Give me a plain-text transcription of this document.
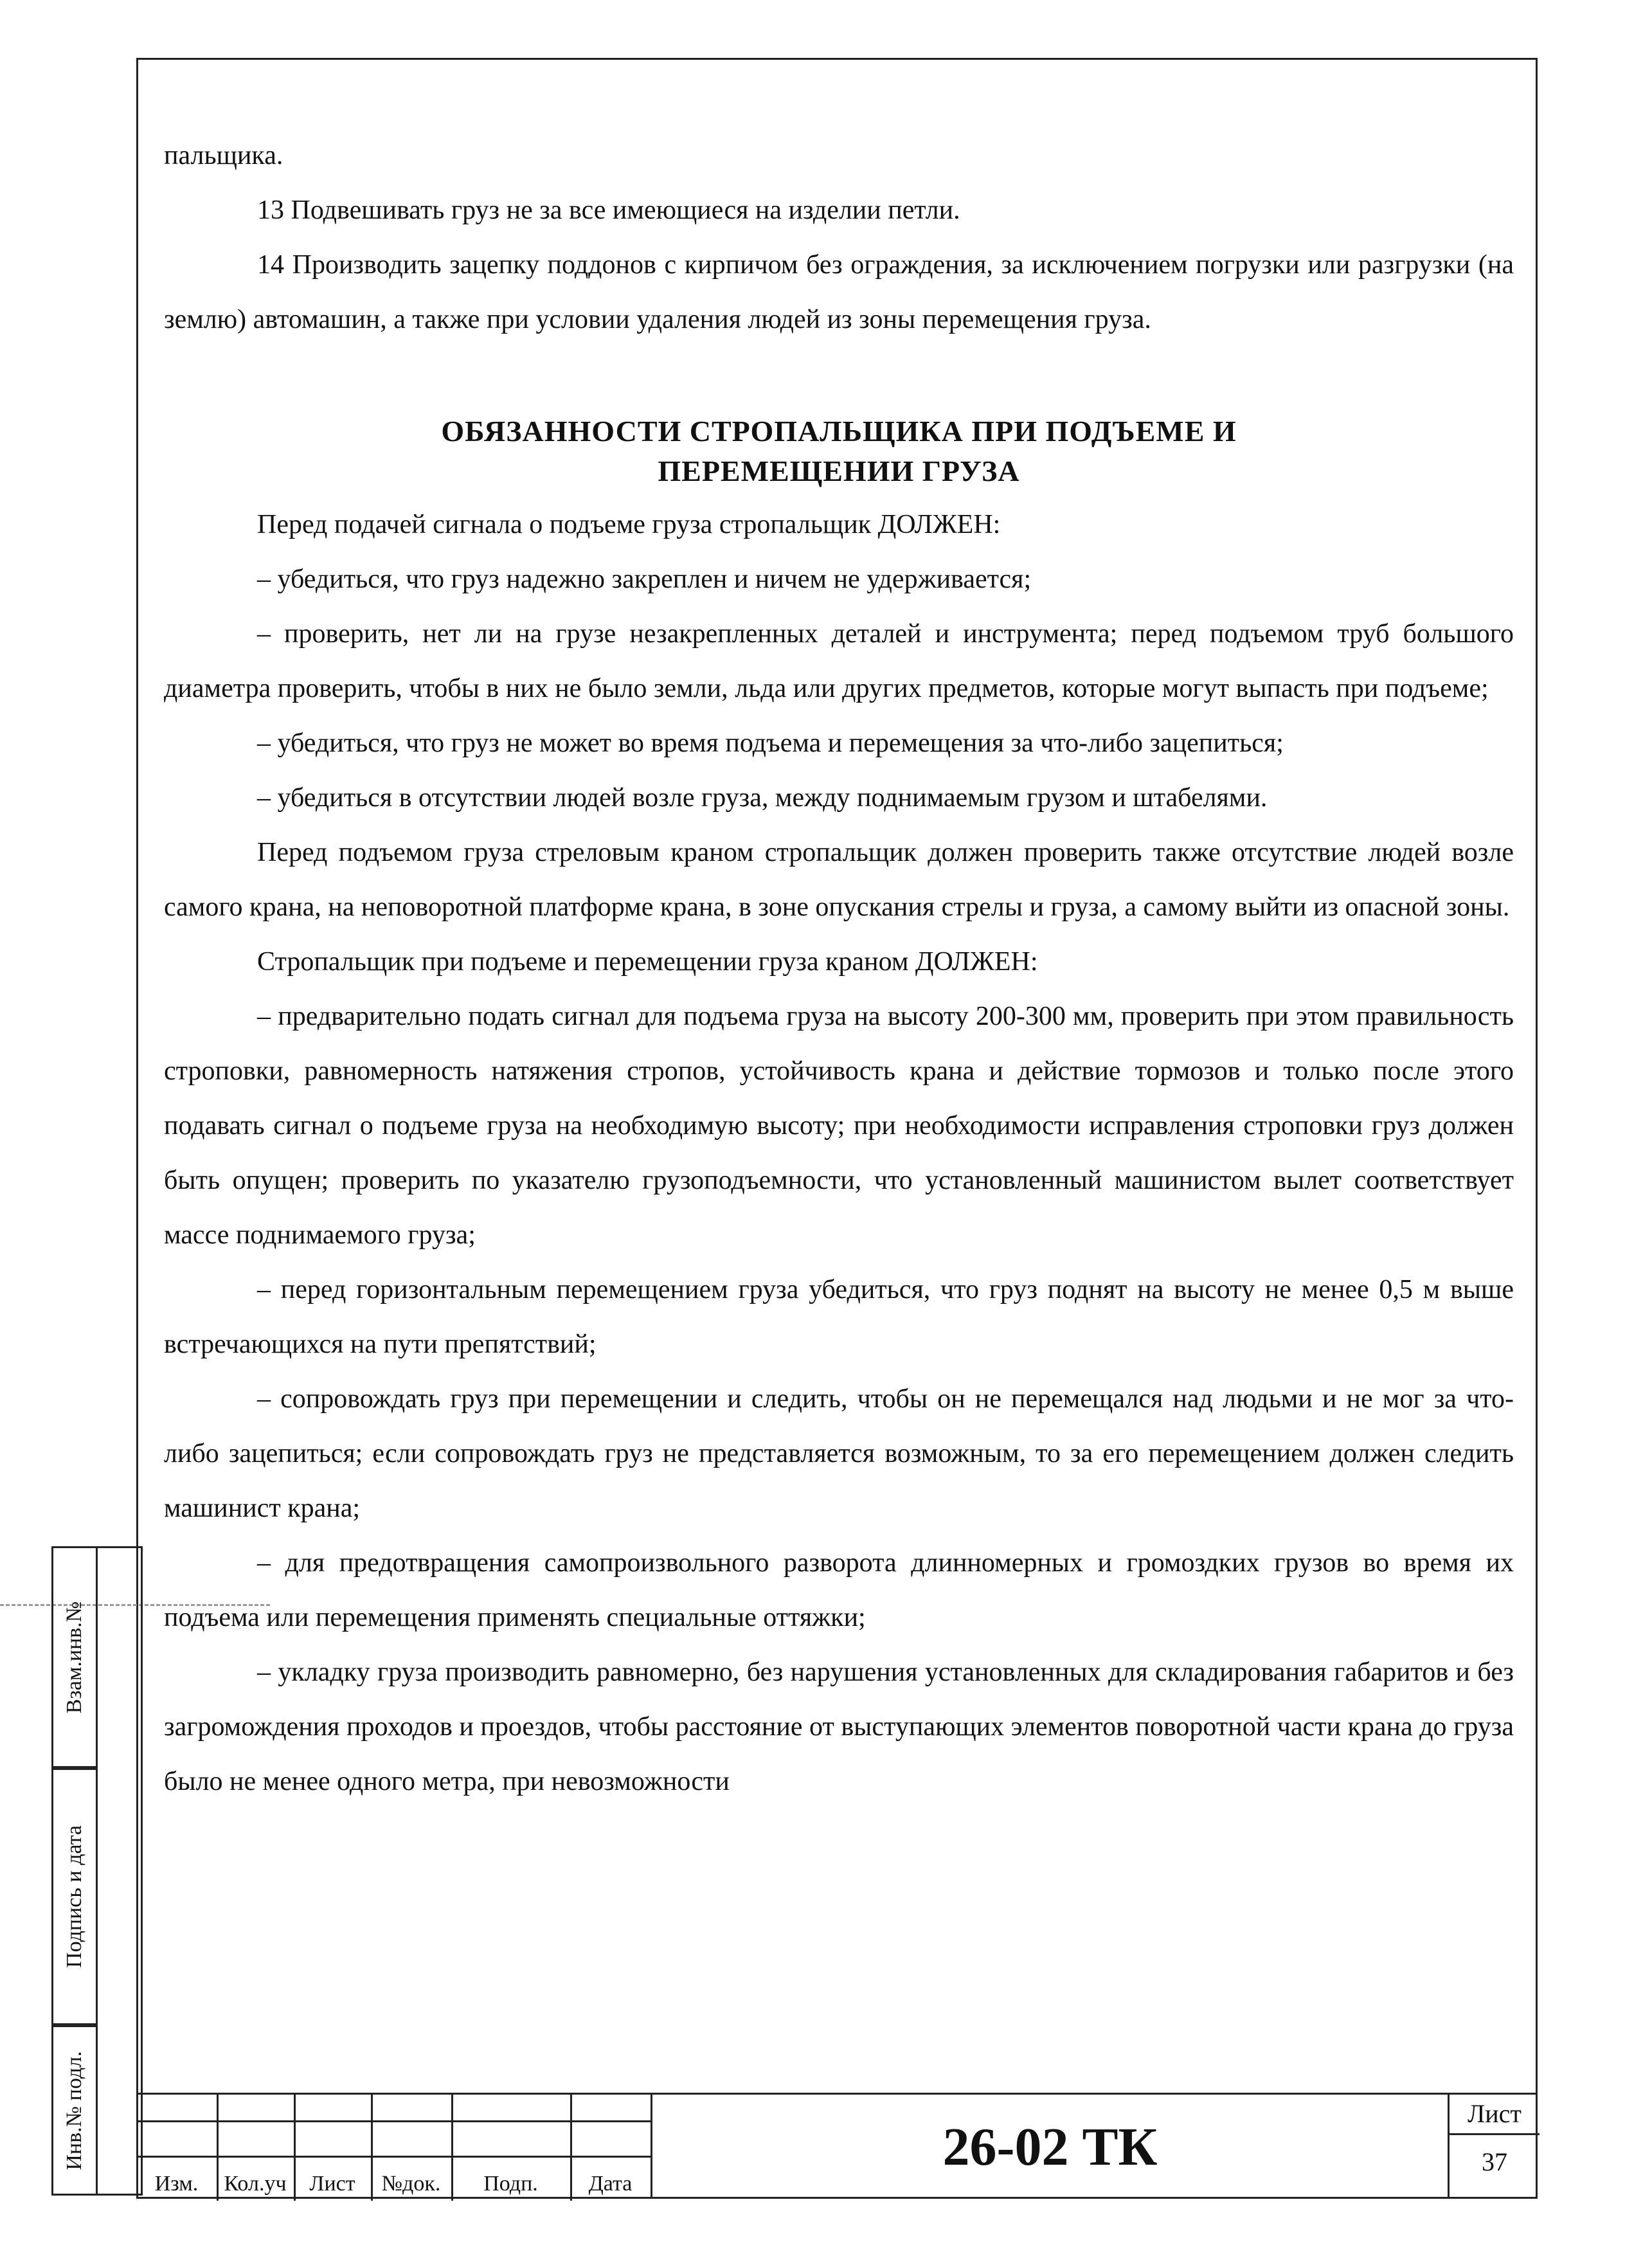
пальщика.

13 Подвешивать груз не за все имеющиеся на изделии петли.

14 Производить зацепку поддонов с кирпичом без ограждения, за исключением погрузки или разгрузки (на землю) автомашин, а также при условии удаления людей из зоны перемещения груза.

ОБЯЗАННОСТИ СТРОПАЛЬЩИКА ПРИ ПОДЪЕМЕ И
ПЕРЕМЕЩЕНИИ ГРУЗА

Перед подачей сигнала о подъеме груза стропальщик ДОЛЖЕН:

– убедиться, что груз надежно закреплен и ничем не удерживается;

– проверить, нет ли на грузе незакрепленных деталей и инструмента; перед подъемом труб большого диаметра проверить, чтобы в них не было земли, льда или других предметов, которые могут выпасть при подъеме;

– убедиться, что груз не может во время подъема и перемещения за что-либо зацепиться;

– убедиться в отсутствии людей возле груза, между поднимаемым грузом и штабелями.

Перед подъемом груза стреловым краном стропальщик должен проверить также отсутствие людей возле самого крана, на неповоротной платформе крана, в зоне опускания стрелы и груза, а самому выйти из опасной зоны.

Стропальщик при подъеме и перемещении груза краном ДОЛЖЕН:

– предварительно подать сигнал для подъема груза на высоту 200-300 мм, проверить при этом правильность строповки, равномерность натяжения стропов, устойчивость крана и действие тормозов и только после этого подавать сигнал о подъеме груза на необходимую высоту; при необходимости исправления строповки груз должен быть опущен; проверить по указателю грузоподъемности, что установленный машинистом вылет соответствует массе поднимаемого груза;

– перед горизонтальным перемещением груза убедиться, что груз поднят на высоту не менее 0,5 м выше встречающихся на пути препятствий;

– сопровождать груз при перемещении и следить, чтобы он не перемещался над людьми и не мог за что-либо зацепиться; если сопровождать груз не представляется возможным, то за его перемещением должен следить машинист крана;

– для предотвращения самопроизвольного разворота длинномерных и громоздких грузов во время их подъема или перемещения применять специальные оттяжки;

– укладку груза производить равномерно, без нарушения установленных для складирования габаритов и без загромождения проходов и проездов, чтобы расстояние от выступающих элементов поворотной части крана до груза было не менее одного метра, при невозможности

Взам.инв.№
Подпись и дата
Инв.№ подл.
Изм.	Кол.уч	Лист	№док.	Подп.	Дата
26-02 ТК
Лист
37
